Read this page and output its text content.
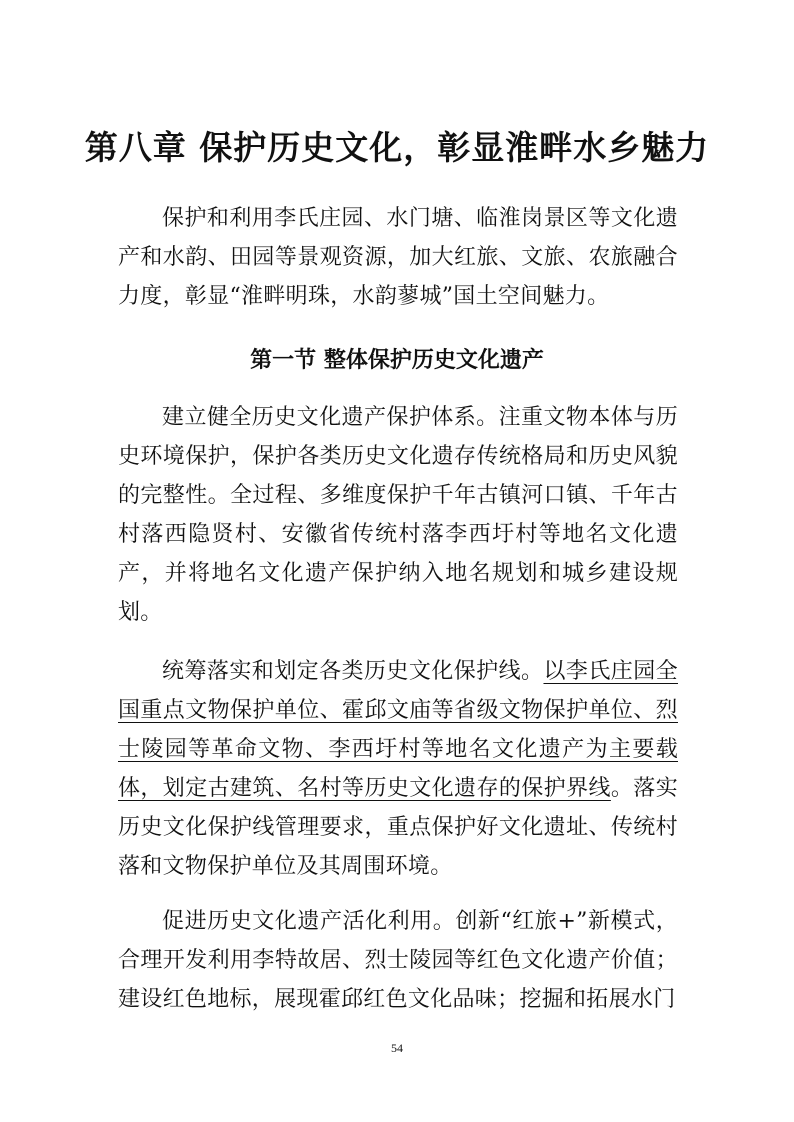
第八章 保护历史文化，彰显淮畔水乡魅力

保护和利用李氏庄园、水门塘、临淮岗景区等文化遗产和水韵、田园等景观资源，加大红旅、文旅、农旅融合力度，彰显“淮畔明珠，水韵蓼城”国土空间魅力。

第一节 整体保护历史文化遗产

建立健全历史文化遗产保护体系。注重文物本体与历史环境保护，保护各类历史文化遗存传统格局和历史风貌的完整性。全过程、多维度保护千年古镇河口镇、千年古村落西隐贤村、安徽省传统村落李西圩村等地名文化遗产，并将地名文化遗产保护纳入地名规划和城乡建设规划。

统筹落实和划定各类历史文化保护线。以李氏庄园全国重点文物保护单位、霍邱文庙等省级文物保护单位、烈士陵园等革命文物、李西圩村等地名文化遗产为主要载体，划定古建筑、名村等历史文化遗存的保护界线。落实历史文化保护线管理要求，重点保护好文化遗址、传统村落和文物保护单位及其周围环境。

促进历史文化遗产活化利用。创新“红旅+”新模式，合理开发利用李特故居、烈士陵园等红色文化遗产价值；建设红色地标，展现霍邱红色文化品味；挖掘和拓展水门

54
